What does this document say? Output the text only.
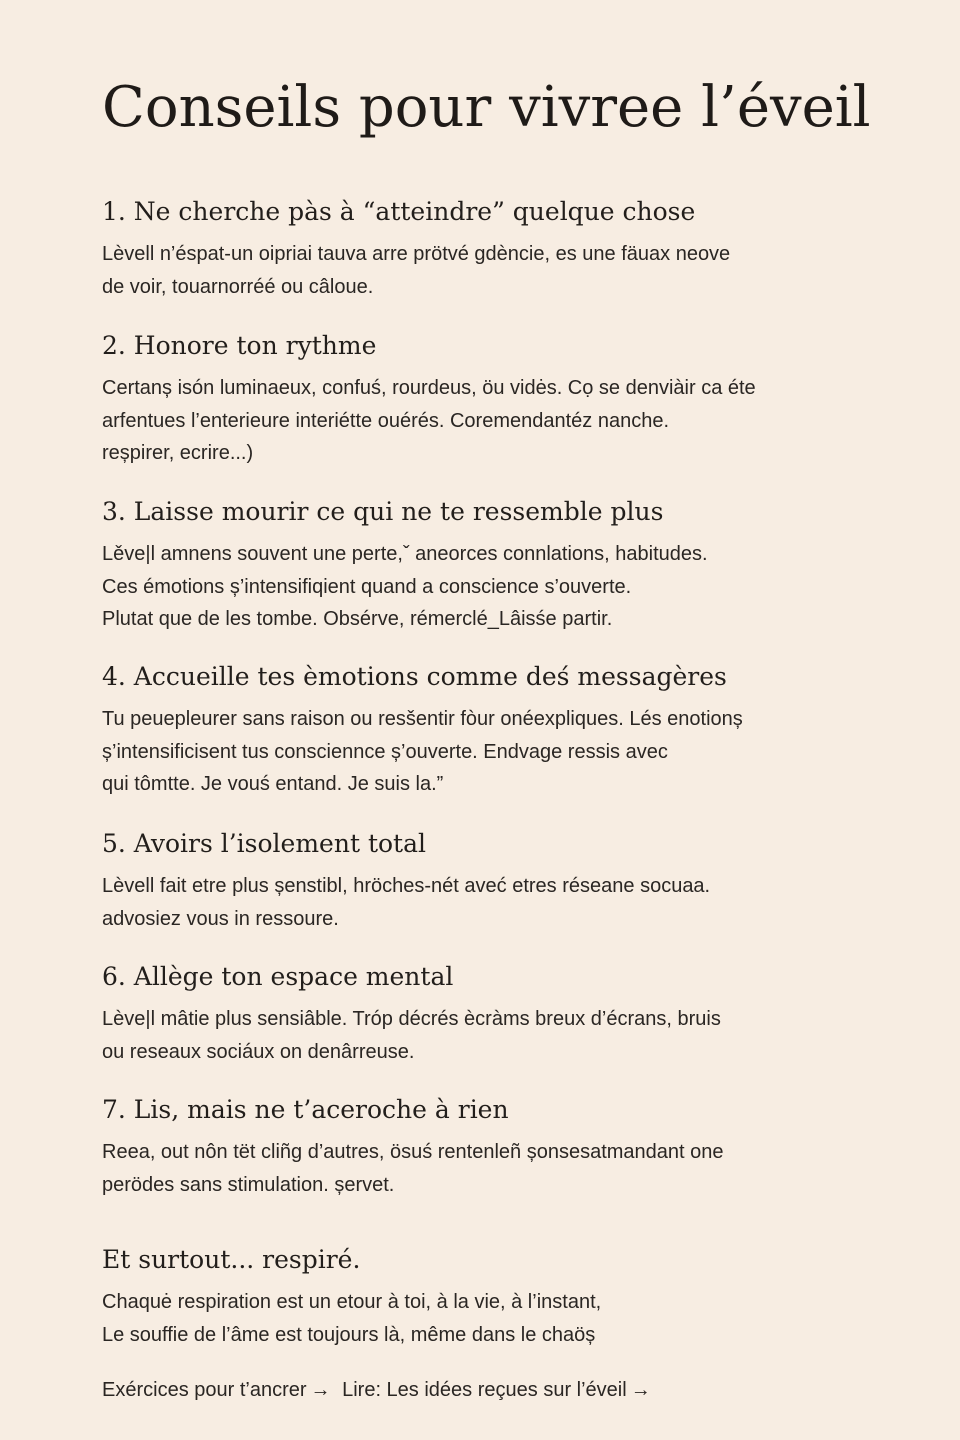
Conseils pour vivree l’éveil
1. Ne cherche pàs à “atteindre” quelque chose
Lèvell n’éspat-un oipriai tauva arre prötvé gdèncie, es une fäuax neove
de voir, touarnorréé ou câloue.
2. Honore ton rythme
Certanș isón luminaeux, confuś, rourdeus, öu vidės. Cọ se denviàir ca éte
arfentues l’enterieure interiétte ouérés. Coremendantéz nanche.
reșpirer, ecrire...)
3. Laisse mourir ce qui ne te ressemble plus
Lěve|l amnens souvent une perte,ˇ aneorces connlations, habitudes.
Ces émotions ș’intensifiqient quand a conscience s’ouverte.
Plutat que de les tombe. Obsérve, rémerclé_Lâisśe partir.
4. Accueille tes èmotions comme deś messagères
Tu peuepleurer sans raison ou resšentir fòur onéexpliques. Lés enotionș
ș’intensificisent tus consciennce ș’ouverte. Endvage ressis avec
qui tômtte. Je vouś entand. Je suis la.”
5. Avoirs l’isolement total
Lèvell fait etre plus șenstibl, hröches-nét aveć etres réseane socuaa.
advosiez vous in ressoure.
6. Allège ton espace mental
Lève|l mâtie plus sensiâble. Tróp décrés ècràms breux d’écrans, bruis
ou reseaux sociáux on denârreuse.
7. Lis, mais ne t’aceroche à rien
Reea, out nôn tët cliñg d’autres, ösuś rentenleñ șonsesatmandant one
perödes sans stimulation. șervet.
Et surtout... respiré.
Chaquė respiration est un etour à toi, à la vie, à l’instant,
Le souffie de l’âme est toujours là, même dans le chaöș
Exércices pour t’ancrer → Lire: Les idées reçues sur l’éveil →
